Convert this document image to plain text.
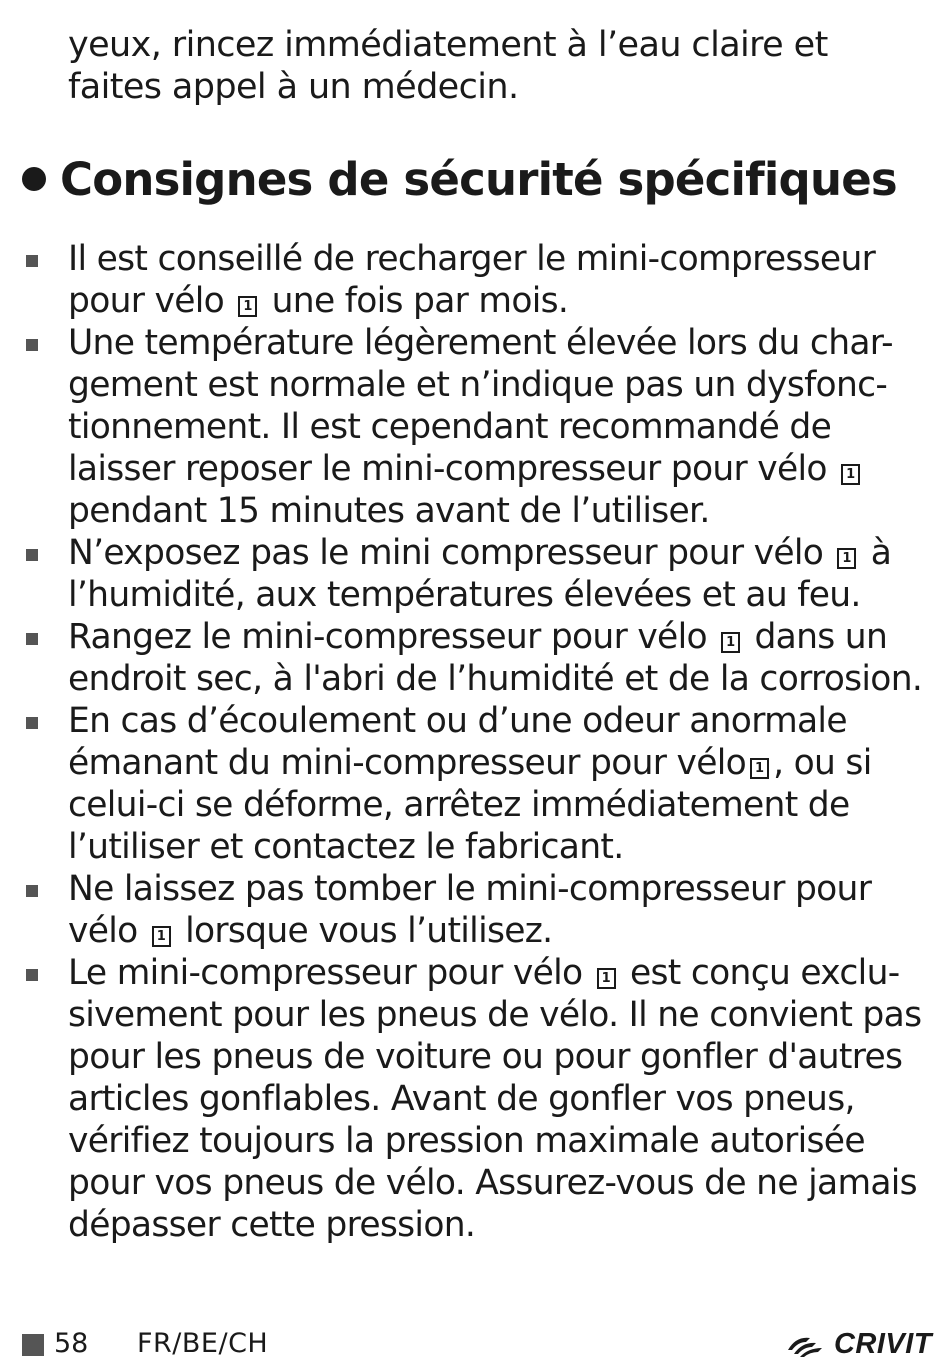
yeux, rincez immédiatement à l’eau claire et
faites appel à un médecin.

Consignes de sécurité spécifiques
Il est conseillé de recharger le mini-compresseur pour vélo 1 une fois par mois.
Une température légèrement élevée lors du char-gement est normale et n’indique pas un dysfonc-tionnement. Il est cependant recommandé de laisser reposer le mini-compresseur pour vélo 1 pendant 15 minutes avant de l’utiliser.
N’exposez pas le mini compresseur pour vélo 1 à l’humidité, aux températures élevées et au feu.
Rangez le mini-compresseur pour vélo 1 dans un endroit sec, à l'abri de l’humidité et de la corrosion.
En cas d’écoulement ou d’une odeur anormale émanant du mini-compresseur pour vélo 1 , ou si celui-ci se déforme, arrêtez immédiatement de l’utiliser et contactez le fabricant.
Ne laissez pas tomber le mini-compresseur pour vélo 1 lorsque vous l’utilisez.
Le mini-compresseur pour vélo 1 est conçu exclu-sivement pour les pneus de vélo. Il ne convient pas pour les pneus de voiture ou pour gonfler d'autres articles gonflables. Avant de gonfler vos pneus, vérifiez toujours la pression maximale autorisée pour vos pneus de vélo. Assurez-vous de ne jamais dépasser cette pression.
58 FR/BE/CH	CRIVIT
